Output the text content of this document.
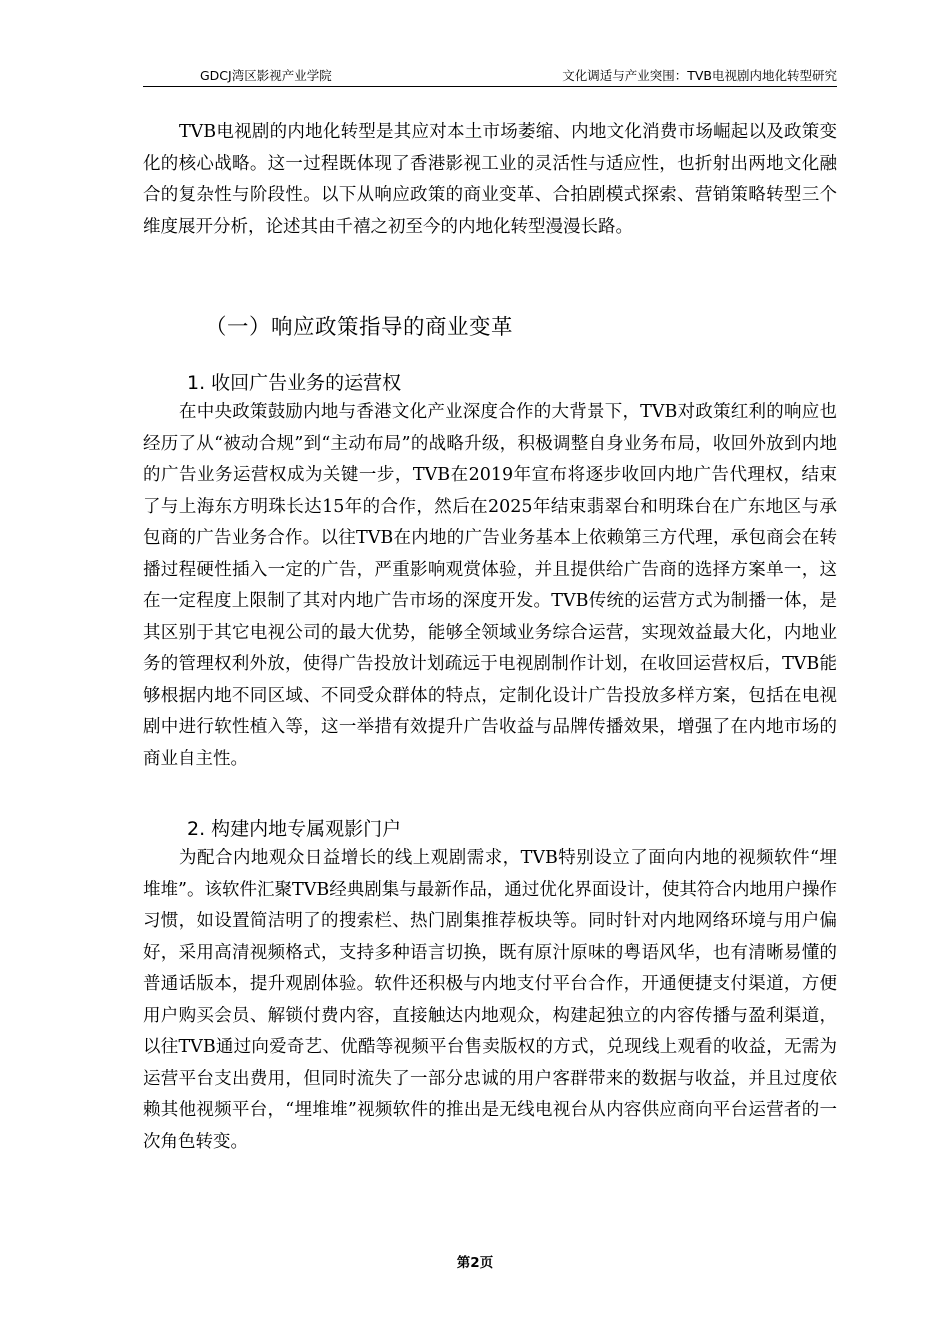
GDCJ湾区影视产业学院	文化调适与产业突围：TVB电视剧内地化转型研究

TVB电视剧的内地化转型是其应对本土市场萎缩、内地文化消费市场崛起以及政策变化的核心战略。这一过程既体现了香港影视工业的灵活性与适应性，也折射出两地文化融合的复杂性与阶段性。以下从响应政策的商业变革、合拍剧模式探索、营销策略转型三个维度展开分析，论述其由千禧之初至今的内地化转型漫漫长路。

（一）响应政策指导的商业变革
1. 收回广告业务的运营权

在中央政策鼓励内地与香港文化产业深度合作的大背景下，TVB对政策红利的响应也经历了从“被动合规”到“主动布局”的战略升级，积极调整自身业务布局，收回外放到内地的广告业务运营权成为关键一步，TVB在2019年宣布将逐步收回内地广告代理权，结束了与上海东方明珠长达15年的合作，然后在2025年结束翡翠台和明珠台在广东地区与承包商的广告业务合作。以往TVB在内地的广告业务基本上依赖第三方代理，承包商会在转播过程硬性插入一定的广告，严重影响观赏体验，并且提供给广告商的选择方案单一，这在一定程度上限制了其对内地广告市场的深度开发。TVB传统的运营方式为制播一体，是其区别于其它电视公司的最大优势，能够全领域业务综合运营，实现效益最大化，内地业务的管理权利外放，使得广告投放计划疏远于电视剧制作计划，在收回运营权后，TVB能够根据内地不同区域、不同受众群体的特点，定制化设计广告投放多样方案，包括在电视剧中进行软性植入等，这一举措有效提升广告收益与品牌传播效果，增强了在内地市场的商业自主性。

2. 构建内地专属观影门户

为配合内地观众日益增长的线上观剧需求，TVB特别设立了面向内地的视频软件“埋堆堆”。该软件汇聚TVB经典剧集与最新作品，通过优化界面设计，使其符合内地用户操作习惯，如设置简洁明了的搜索栏、热门剧集推荐板块等。同时针对内地网络环境与用户偏好，采用高清视频格式，支持多种语言切换，既有原汁原味的粤语风华，也有清晰易懂的普通话版本，提升观剧体验。软件还积极与内地支付平台合作，开通便捷支付渠道，方便用户购买会员、解锁付费内容，直接触达内地观众，构建起独立的内容传播与盈利渠道，以往TVB通过向爱奇艺、优酷等视频平台售卖版权的方式，兑现线上观看的收益，无需为运营平台支出费用，但同时流失了一部分忠诚的用户客群带来的数据与收益，并且过度依赖其他视频平台，“埋堆堆”视频软件的推出是无线电视台从内容供应商向平台运营者的一次角色转变。

第2页
